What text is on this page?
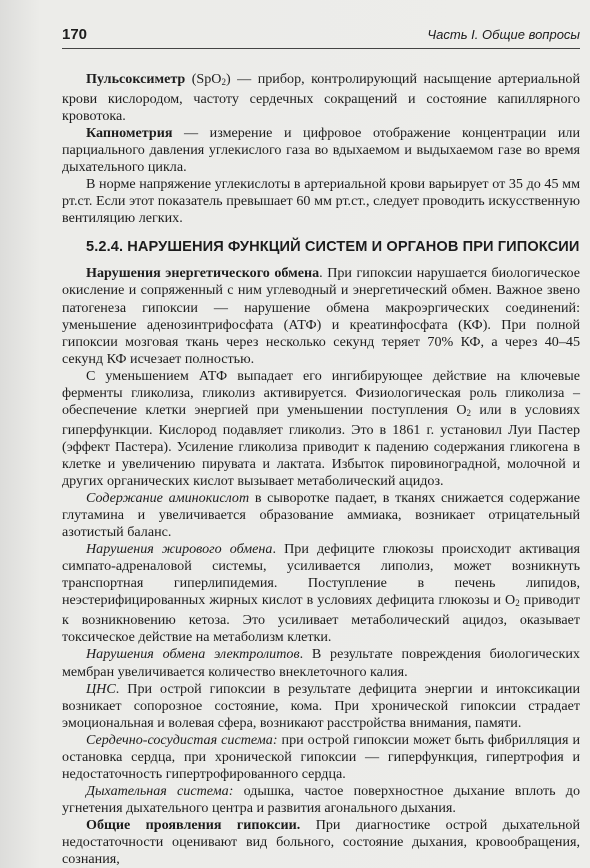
170	Часть I. Общие вопросы

Пульсоксиметр (SpO$_2$) — прибор, контролирующий насыщение артериальной крови кислородом, частоту сердечных сокращений и состояние капиллярного кровотока.

Капнометрия — измерение и цифровое отображение концентрации или парциального давления углекислого газа во вдыхаемом и выдыхаемом газе во время дыхательного цикла.

В норме напряжение углекислоты в артериальной крови варьирует от 35 до 45 мм рт.ст. Если этот показатель превышает 60 мм рт.ст., следует проводить искусственную вентиляцию легких.

5.2.4. НАРУШЕНИЯ ФУНКЦИЙ СИСТЕМ И ОРГАНОВ ПРИ ГИПОКСИИ

Нарушения энергетического обмена. При гипоксии нарушается биологическое окисление и сопряженный с ним углеводный и энергетический обмен. Важное звено патогенеза гипоксии — нарушение обмена макроэргических соединений: уменьшение аденозинтрифосфата (АТФ) и креатинфосфата (КФ). При полной гипоксии мозговая ткань через несколько секунд теряет 70% КФ, а через 40–45 секунд КФ исчезает полностью.

С уменьшением АТФ выпадает его ингибирующее действие на ключевые ферменты гликолиза, гликолиз активируется. Физиологическая роль гликолиза – обеспечение клетки энергией при уменьшении поступления $O_2$ или в условиях гиперфункции. Кислород подавляет гликолиз. Это в 1861 г. установил Луи Пастер (эффект Пастера). Усиление гликолиза приводит к падению содержания гликогена в клетке и увеличению пирувата и лактата. Избыток пировиноградной, молочной и других органических кислот вызывает метаболический ацидоз.

Содержание аминокислот в сыворотке падает, в тканях снижается содержание глутамина и увеличивается образование аммиака, возникает отрицательный азотистый баланс.

Нарушения жирового обмена. При дефиците глюкозы происходит активация симпато-адреналовой системы, усиливается липолиз, может возникнуть транспортная гиперлипидемия. Поступление в печень липидов, неэстерифицированных жирных кислот в условиях дефицита глюкозы и $O_2$ приводит к возникновению кетоза. Это усиливает метаболический ацидоз, оказывает токсическое действие на метаболизм клетки.

Нарушения обмена электролитов. В результате повреждения биологических мембран увеличивается количество внеклеточного калия.

ЦНС. При острой гипоксии в результате дефицита энергии и интоксикации возникает сопорозное состояние, кома. При хронической гипоксии страдает эмоциональная и волевая сфера, возникают расстройства внимания, памяти.

Сердечно-сосудистая система: при острой гипоксии может быть фибрилляция и остановка сердца, при хронической гипоксии — гиперфункция, гипертрофия и недостаточность гипертрофированного сердца.

Дыхательная система: одышка, частое поверхностное дыхание вплоть до угнетения дыхательного центра и развития агонального дыхания.

Общие проявления гипоксии. При диагностике острой дыхательной недостаточности оценивают вид больного, состояние дыхания, кровообращения, сознания,
